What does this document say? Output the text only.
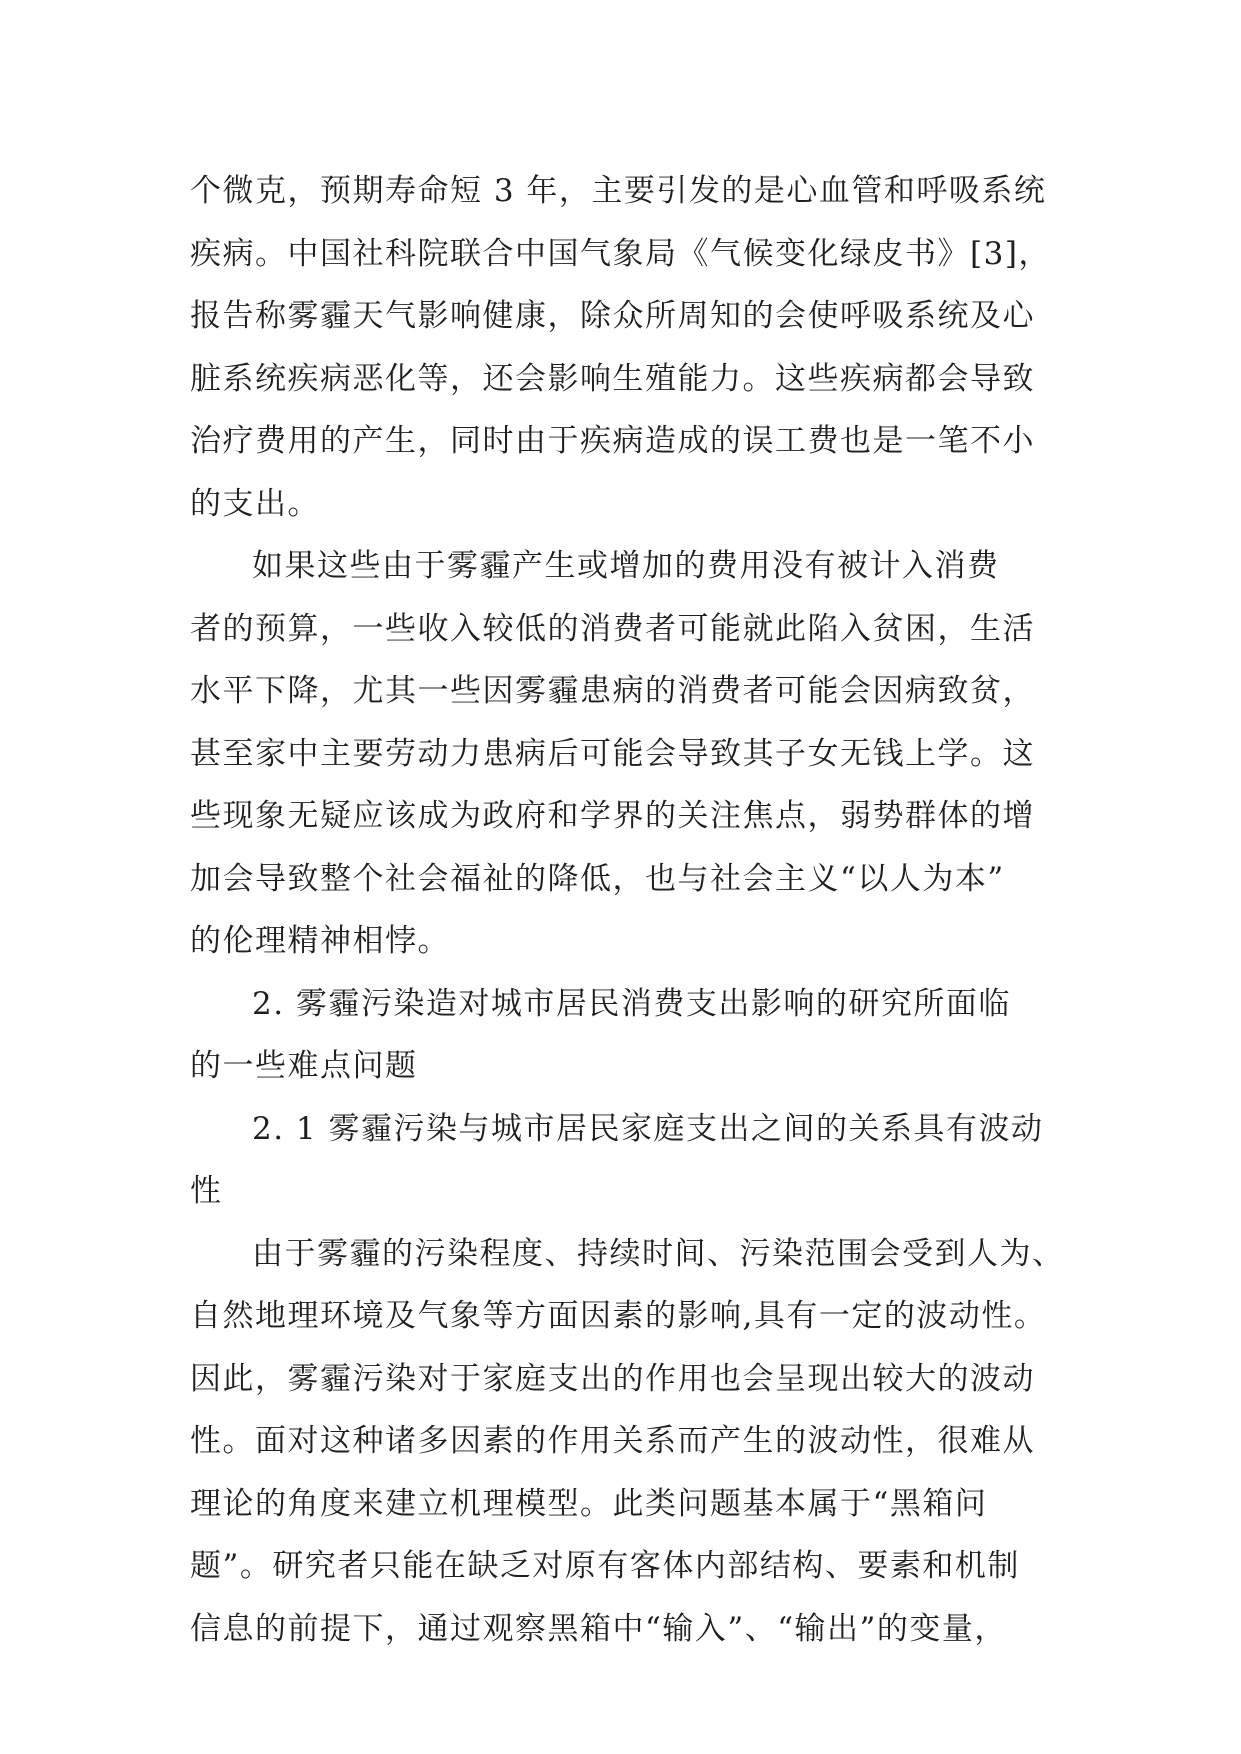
个微克，预期寿命短 3 年，主要引发的是心血管和呼吸系统
疾病。中国社科院联合中国气象局《气候变化绿皮书》[3]，
报告称雾霾天气影响健康，除众所周知的会使呼吸系统及心
脏系统疾病恶化等，还会影响生殖能力。这些疾病都会导致
治疗费用的产生，同时由于疾病造成的误工费也是一笔不小
的支出。
如果这些由于雾霾产生或增加的费用没有被计入消费
者的预算，一些收入较低的消费者可能就此陷入贫困，生活
水平下降，尤其一些因雾霾患病的消费者可能会因病致贫，
甚至家中主要劳动力患病后可能会导致其子女无钱上学。这
些现象无疑应该成为政府和学界的关注焦点，弱势群体的增
加会导致整个社会福祉的降低，也与社会主义“以人为本”
的伦理精神相悖。
2. 雾霾污染造对城市居民消费支出影响的研究所面临
的一些难点问题
2. 1 雾霾污染与城市居民家庭支出之间的关系具有波动
性
由于雾霾的污染程度、持续时间、污染范围会受到人为、
自然地理环境及气象等方面因素的影响,具有一定的波动性。
因此，雾霾污染对于家庭支出的作用也会呈现出较大的波动
性。面对这种诸多因素的作用关系而产生的波动性，很难从
理论的角度来建立机理模型。此类问题基本属于“黑箱问
题”。研究者只能在缺乏对原有客体内部结构、要素和机制
信息的前提下，通过观察黑箱中“输入”、“输出”的变量，
